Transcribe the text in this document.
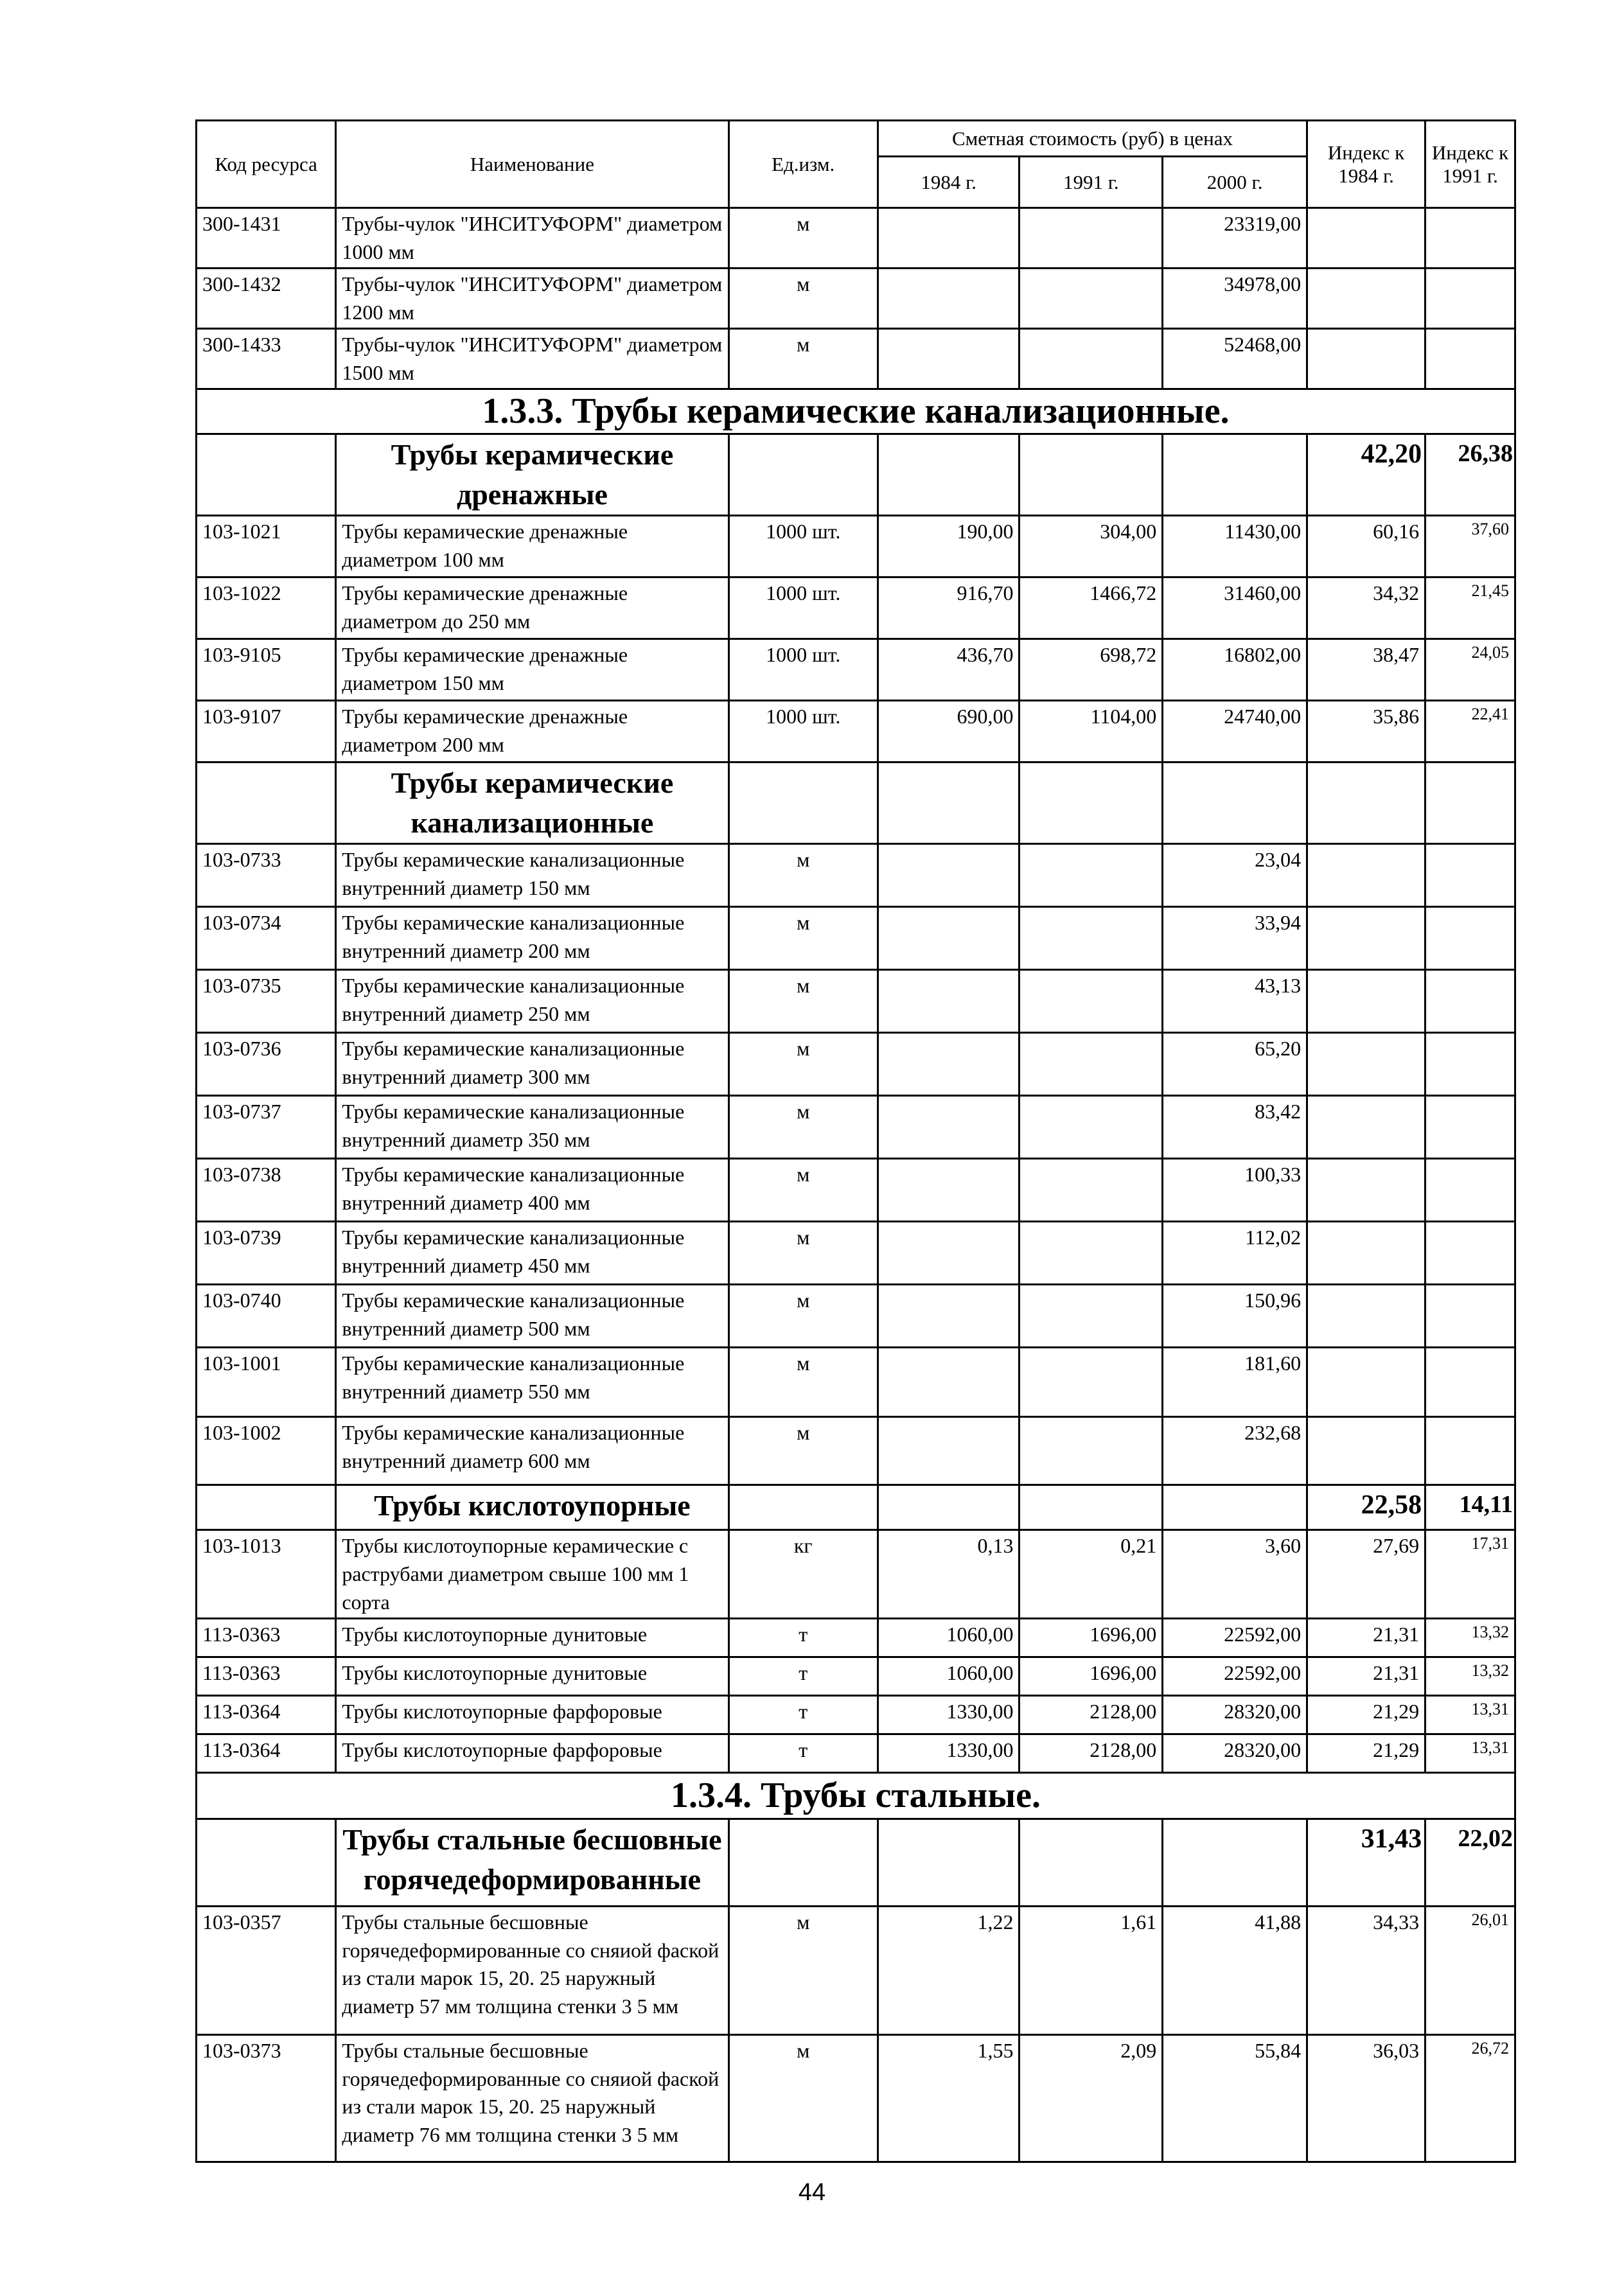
Код ресурса	Наименование	Ед.изм.	Сметная стоимость (руб) в ценах			Индекс к 1984 г.	Индекс к 1991 г.
			1984 г.	1991 г.	2000 г.		
300-1431	Трубы-чулок "ИНСИТУФОРМ" диаметром 1000 мм	м			23319,00		
300-1432	Трубы-чулок "ИНСИТУФОРМ" диаметром 1200 мм	м			34978,00		
300-1433	Трубы-чулок "ИНСИТУФОРМ" диаметром 1500 мм	м			52468,00		
1.3.3. Трубы керамические канализационные.							
	Трубы керамические дренажные					42,20	26,38
103-1021	Трубы керамические дренажные диаметром 100 мм	1000 шт.	190,00	304,00	11430,00	60,16	37,60
103-1022	Трубы керамические дренажные диаметром до 250 мм	1000 шт.	916,70	1466,72	31460,00	34,32	21,45
103-9105	Трубы керамические дренажные диаметром 150 мм	1000 шт.	436,70	698,72	16802,00	38,47	24,05
103-9107	Трубы керамические дренажные диаметром 200 мм	1000 шт.	690,00	1104,00	24740,00	35,86	22,41
	Трубы керамические канализационные						
103-0733	Трубы керамические канализационные внутренний диаметр 150 мм	м			23,04		
103-0734	Трубы керамические канализационные внутренний диаметр 200 мм	м			33,94		
103-0735	Трубы керамические канализационные внутренний диаметр 250 мм	м			43,13		
103-0736	Трубы керамические канализационные внутренний диаметр 300 мм	м			65,20		
103-0737	Трубы керамические канализационные внутренний диаметр 350 мм	м			83,42		
103-0738	Трубы керамические канализационные внутренний диаметр 400 мм	м			100,33		
103-0739	Трубы керамические канализационные внутренний диаметр 450 мм	м			112,02		
103-0740	Трубы керамические канализационные внутренний диаметр 500 мм	м			150,96		
103-1001	Трубы керамические канализационные внутренний диаметр 550 мм	м			181,60		
103-1002	Трубы керамические канализационные внутренний диаметр 600 мм	м			232,68		
	Трубы кислотоупорные					22,58	14,11
103-1013	Трубы кислотоупорные керамические с раструбами диаметром свыше 100 мм 1 сорта	кг	0,13	0,21	3,60	27,69	17,31
113-0363	Трубы кислотоупорные дунитовые	т	1060,00	1696,00	22592,00	21,31	13,32
113-0363	Трубы кислотоупорные дунитовые	т	1060,00	1696,00	22592,00	21,31	13,32
113-0364	Трубы кислотоупорные фарфоровые	т	1330,00	2128,00	28320,00	21,29	13,31
113-0364	Трубы кислотоупорные фарфоровые	т	1330,00	2128,00	28320,00	21,29	13,31
1.3.4. Трубы стальные.							
	Трубы стальные бесшовные горячедеформированные					31,43	22,02
103-0357	Трубы стальные бесшовные горячедеформированные со сняиой фаской из стали марок 15, 20. 25 наружный диаметр 57 мм толщина стенки 3 5 мм	м	1,22	1,61	41,88	34,33	26,01
103-0373	Трубы стальные бесшовные горячедеформированные со сняиой фаской из стали марок 15, 20. 25 наружный диаметр 76 мм толщина стенки 3 5 мм	м	1,55	2,09	55,84	36,03	26,72
44
